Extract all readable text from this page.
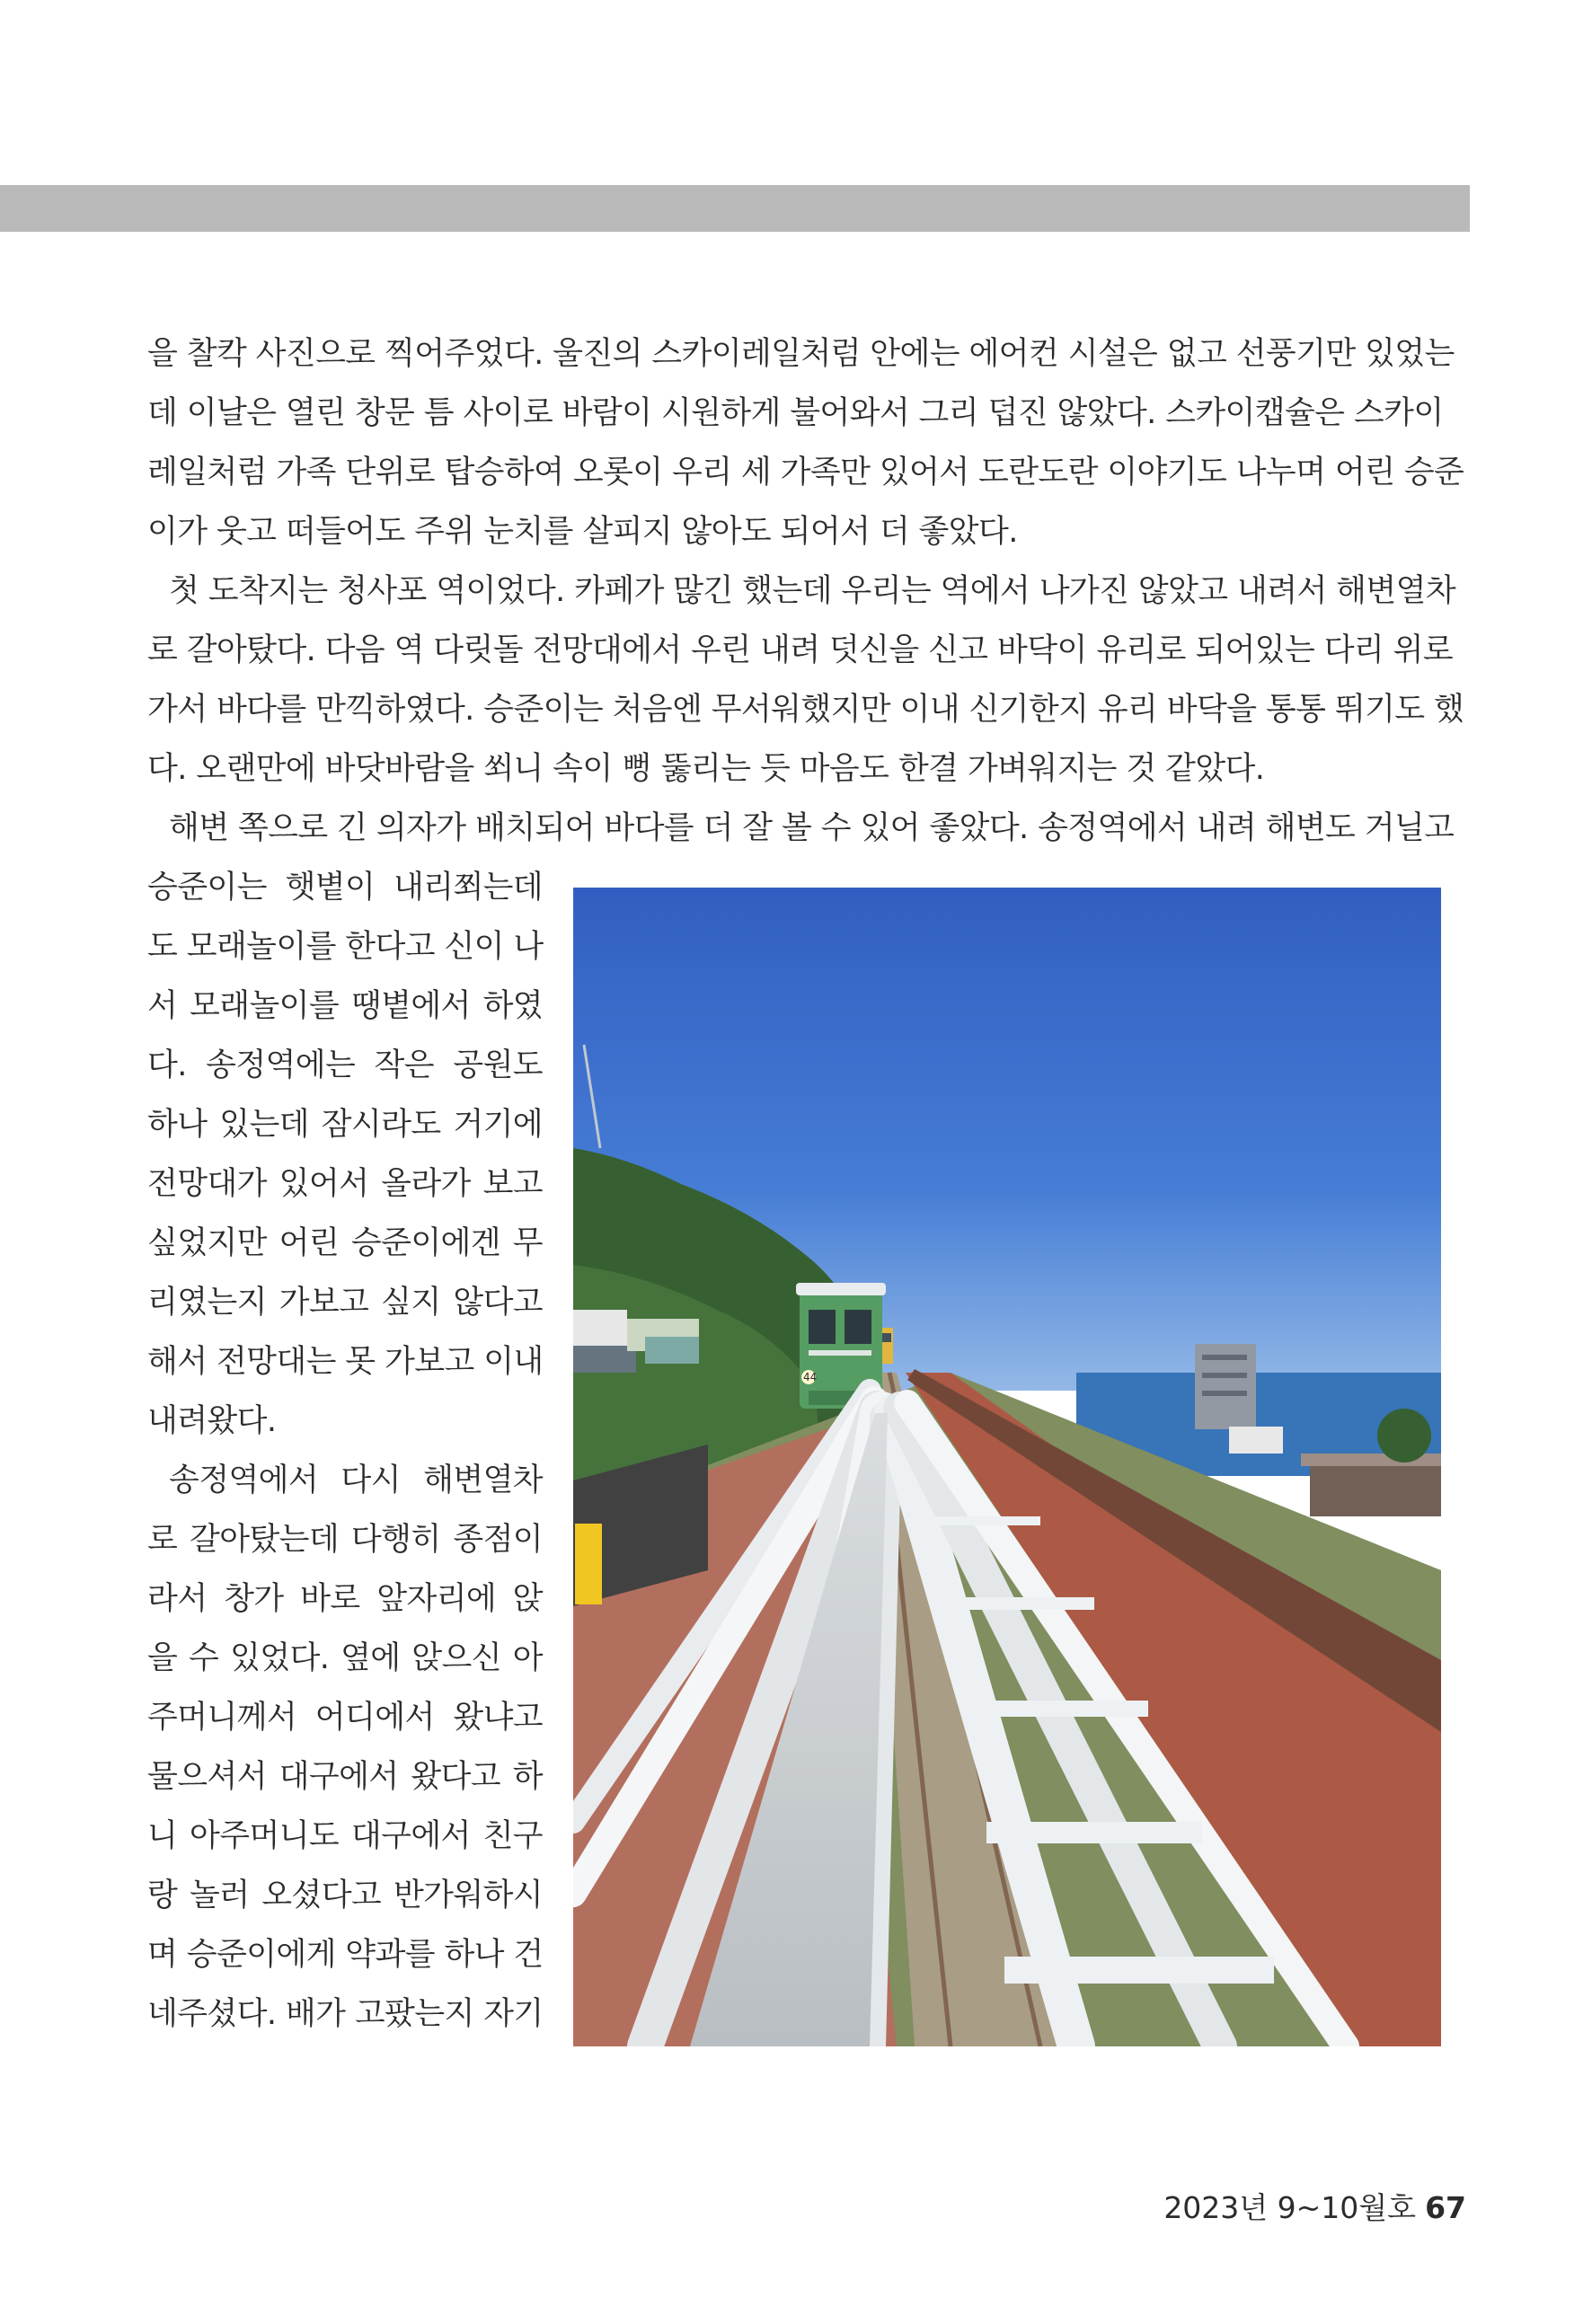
을 찰칵 사진으로 찍어주었다. 울진의 스카이레일처럼 안에는 에어컨 시설은 없고 선풍기만 있었는
데 이날은 열린 창문 틈 사이로 바람이 시원하게 불어와서 그리 덥진 않았다. 스카이캡슐은 스카이
레일처럼 가족 단위로 탑승하여 오롯이 우리 세 가족만 있어서 도란도란 이야기도 나누며 어린 승준
이가 웃고 떠들어도 주위 눈치를 살피지 않아도 되어서 더 좋았다.
첫 도착지는 청사포 역이었다. 카페가 많긴 했는데 우리는 역에서 나가진 않았고 내려서 해변열차
로 갈아탔다. 다음 역 다릿돌 전망대에서 우린 내려 덧신을 신고 바닥이 유리로 되어있는 다리 위로
가서 바다를 만끽하였다. 승준이는 처음엔 무서워했지만 이내 신기한지 유리 바닥을 통통 뛰기도 했
다. 오랜만에 바닷바람을 쐬니 속이 뻥 뚫리는 듯 마음도 한결 가벼워지는 것 같았다.
해변 쪽으로 긴 의자가 배치되어 바다를 더 잘 볼 수 있어 좋았다. 송정역에서 내려 해변도 거닐고
승준이는 햇볕이 내리쬐는데
도 모래놀이를 한다고 신이 나
서 모래놀이를 땡볕에서 하였
다. 송정역에는 작은 공원도
하나 있는데 잠시라도 거기에
전망대가 있어서 올라가 보고
싶었지만 어린 승준이에겐 무
리였는지 가보고 싶지 않다고
해서 전망대는 못 가보고 이내
내려왔다.
송정역에서 다시 해변열차
로 갈아탔는데 다행히 종점이
라서 창가 바로 앞자리에 앉
을 수 있었다. 옆에 앉으신 아
주머니께서 어디에서 왔냐고
물으셔서 대구에서 왔다고 하
니 아주머니도 대구에서 친구
랑 놀러 오셨다고 반가워하시
며 승준이에게 약과를 하나 건
네주셨다. 배가 고팠는지 자기
44
2023년 9~10월호 67
